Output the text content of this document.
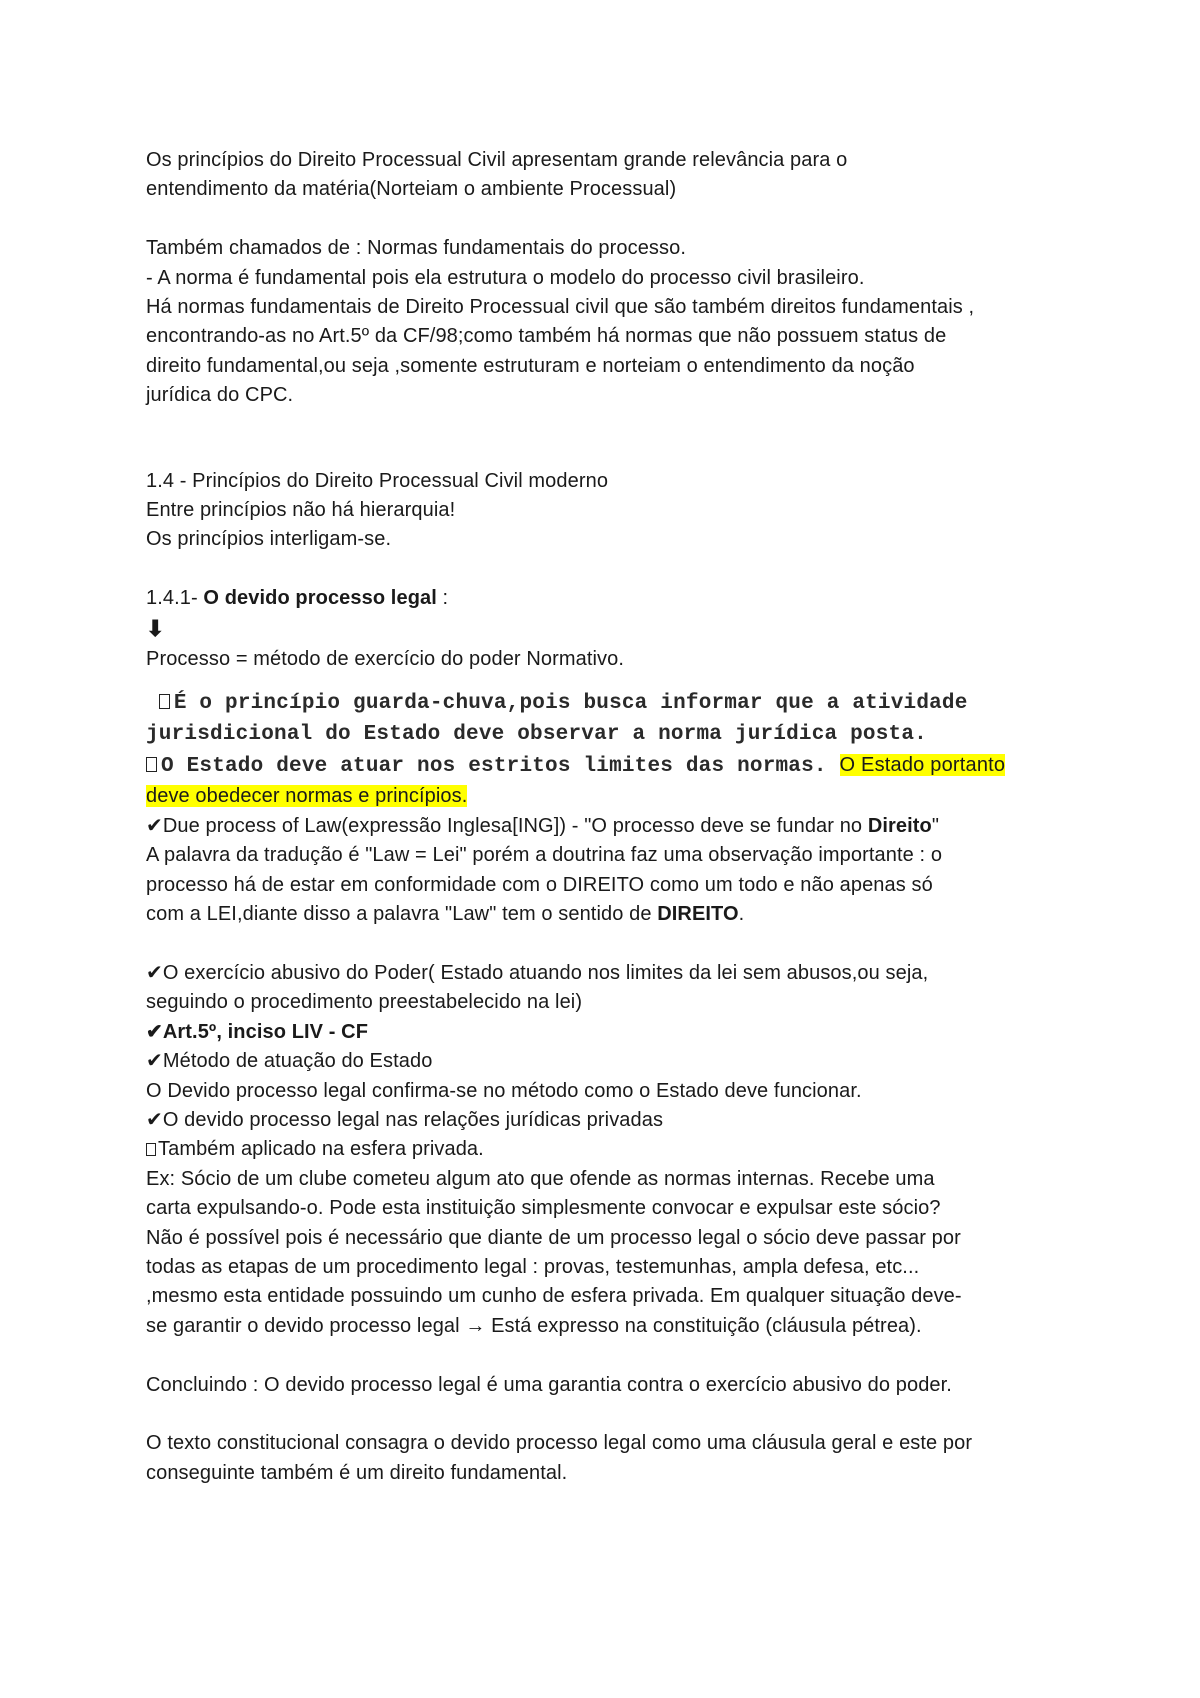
Os princípios do Direito Processual Civil apresentam grande relevância para o
entendimento da matéria(Norteiam o ambiente Processual)
Também chamados de : Normas fundamentais do processo.
- A norma é fundamental pois ela estrutura o modelo do processo civil brasileiro.
Há normas fundamentais de Direito Processual civil que são também direitos fundamentais ,
encontrando-as no Art.5º da CF/98;como também há normas que não possuem status de
direito fundamental,ou seja ,somente estruturam e norteiam o entendimento da noção
jurídica do CPC.
1.4 - Princípios do Direito Processual Civil moderno
Entre princípios não há hierarquia!
Os princípios interligam-se.
1.4.1- O devido processo legal :
⬇
Processo = método de exercício do poder Normativo.
É o princípio guarda-chuva,pois busca informar que a atividade
jurisdicional do Estado deve observar a norma jurídica posta.
O Estado deve atuar nos estritos limites das normas. O Estado portanto
deve obedecer normas e princípios.
✔Due process of Law(expressão Inglesa[ING]) - "O processo deve se fundar no Direito"
A palavra da tradução é "Law = Lei" porém a doutrina faz uma observação importante : o
processo há de estar em conformidade com o DIREITO como um todo e não apenas só
com a LEI,diante disso a palavra "Law" tem o sentido de DIREITO.
✔O exercício abusivo do Poder( Estado atuando nos limites da lei sem abusos,ou seja,
seguindo o procedimento preestabelecido na lei)
✔Art.5º, inciso LIV - CF
✔Método de atuação do Estado
O Devido processo legal confirma-se no método como o Estado deve funcionar.
✔O devido processo legal nas relações jurídicas privadas
Também aplicado na esfera privada.
Ex: Sócio de um clube cometeu algum ato que ofende as normas internas. Recebe uma
carta expulsando-o. Pode esta instituição simplesmente convocar e expulsar este sócio?
Não é possível pois é necessário que diante de um processo legal o sócio deve passar por
todas as etapas de um procedimento legal : provas, testemunhas, ampla defesa, etc...
,mesmo esta entidade possuindo um cunho de esfera privada. Em qualquer situação deve-
se garantir o devido processo legal → Está expresso na constituição (cláusula pétrea).
Concluindo : O devido processo legal é uma garantia contra o exercício abusivo do poder.
O texto constitucional consagra o devido processo legal como uma cláusula geral e este por
conseguinte também é um direito fundamental.
